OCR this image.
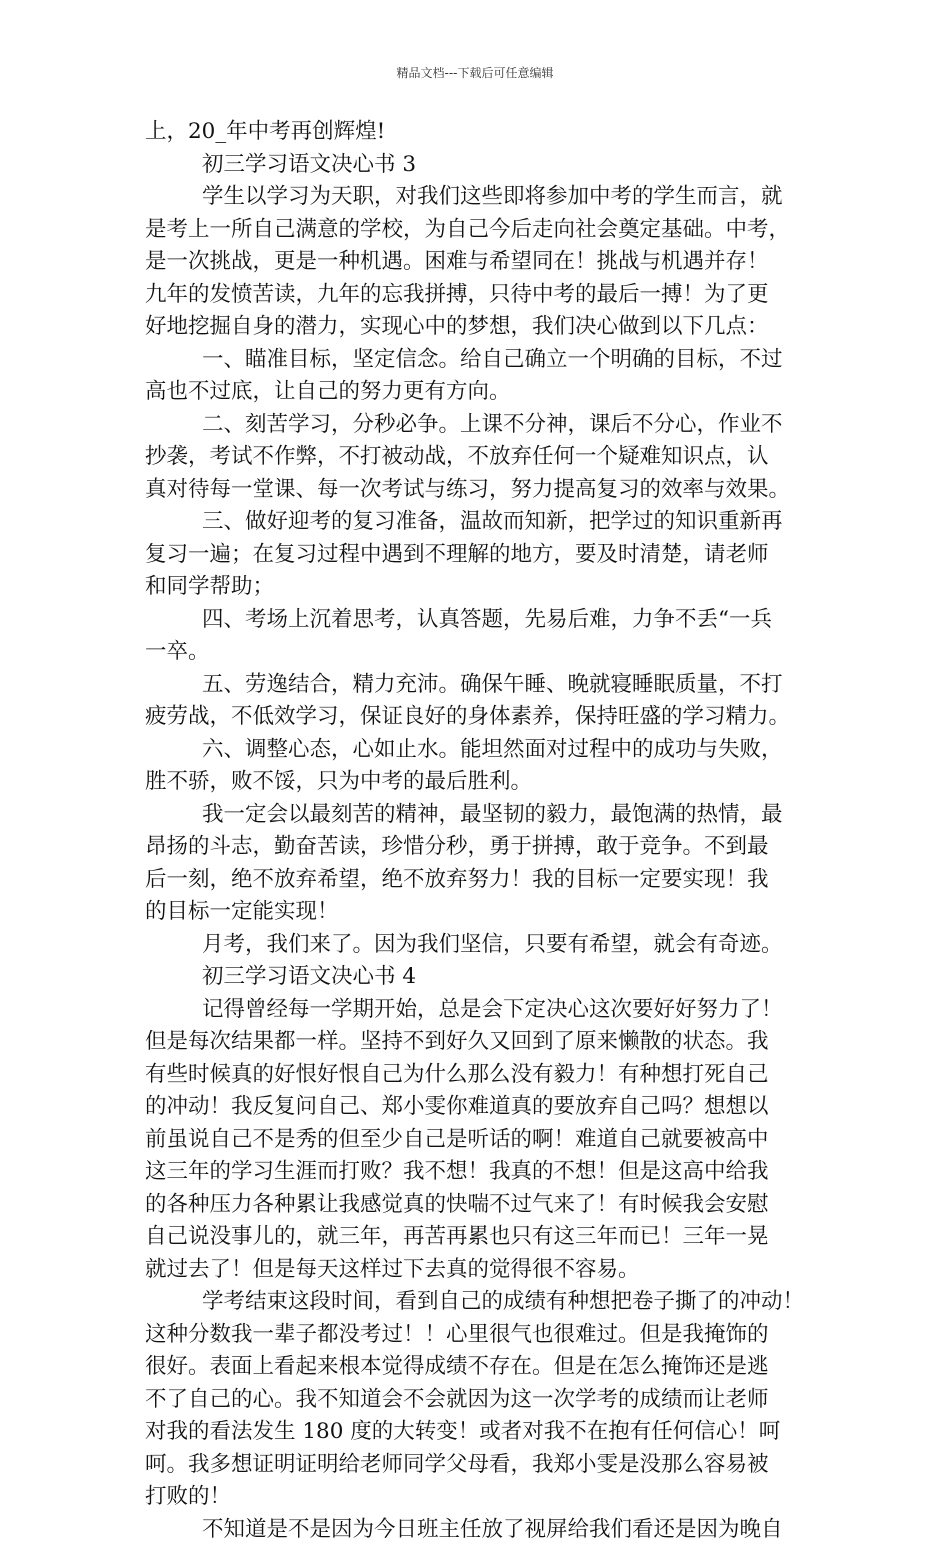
精品文档---下载后可任意编辑
上，20_年中考再创辉煌!
初三学习语文决心书 3
学生以学习为天职，对我们这些即将参加中考的学生而言，就
是考上一所自己满意的学校，为自己今后走向社会奠定基础。中考，
是一次挑战，更是一种机遇。困难与希望同在！挑战与机遇并存！
九年的发愤苦读，九年的忘我拼搏，只待中考的最后一搏！为了更
好地挖掘自身的潜力，实现心中的梦想，我们决心做到以下几点：
一、瞄准目标，坚定信念。给自己确立一个明确的目标，不过
高也不过底，让自己的努力更有方向。
二、刻苦学习，分秒必争。上课不分神，课后不分心，作业不
抄袭，考试不作弊，不打被动战，不放弃任何一个疑难知识点，认
真对待每一堂课、每一次考试与练习，努力提高复习的效率与效果。
三、做好迎考的复习准备，温故而知新，把学过的知识重新再
复习一遍；在复习过程中遇到不理解的地方，要及时清楚，请老师
和同学帮助；
四、考场上沉着思考，认真答题，先易后难，力争不丢“一兵
一卒。
五、劳逸结合，精力充沛。确保午睡、晚就寝睡眠质量，不打
疲劳战，不低效学习，保证良好的身体素养，保持旺盛的学习精力。
六、调整心态，心如止水。能坦然面对过程中的成功与失败，
胜不骄，败不馁，只为中考的最后胜利。
我一定会以最刻苦的精神，最坚韧的毅力，最饱满的热情，最
昂扬的斗志，勤奋苦读，珍惜分秒，勇于拼搏，敢于竞争。不到最
后一刻，绝不放弃希望，绝不放弃努力！我的目标一定要实现！我
的目标一定能实现！
月考，我们来了。因为我们坚信，只要有希望，就会有奇迹。
初三学习语文决心书 4
记得曾经每一学期开始，总是会下定决心这次要好好努力了！
但是每次结果都一样。坚持不到好久又回到了原来懒散的状态。我
有些时候真的好恨好恨自己为什么那么没有毅力！有种想打死自己
的冲动！我反复问自己、郑小雯你难道真的要放弃自己吗？想想以
前虽说自己不是秀的但至少自己是听话的啊！难道自己就要被高中
这三年的学习生涯而打败？我不想！我真的不想！但是这高中给我
的各种压力各种累让我感觉真的快喘不过气来了！有时候我会安慰
自己说没事儿的，就三年，再苦再累也只有这三年而已！三年一晃
就过去了！但是每天这样过下去真的觉得很不容易。
学考结束这段时间，看到自己的成绩有种想把卷子撕了的冲动！
这种分数我一辈子都没考过！！心里很气也很难过。但是我掩饰的
很好。表面上看起来根本觉得成绩不存在。但是在怎么掩饰还是逃
不了自己的心。我不知道会不会就因为这一次学考的成绩而让老师
对我的看法发生 180 度的大转变！或者对我不在抱有任何信心！呵
呵。我多想证明证明给老师同学父母看，我郑小雯是没那么容易被
打败的！
不知道是不是因为今日班主任放了视屏给我们看还是因为晚自
